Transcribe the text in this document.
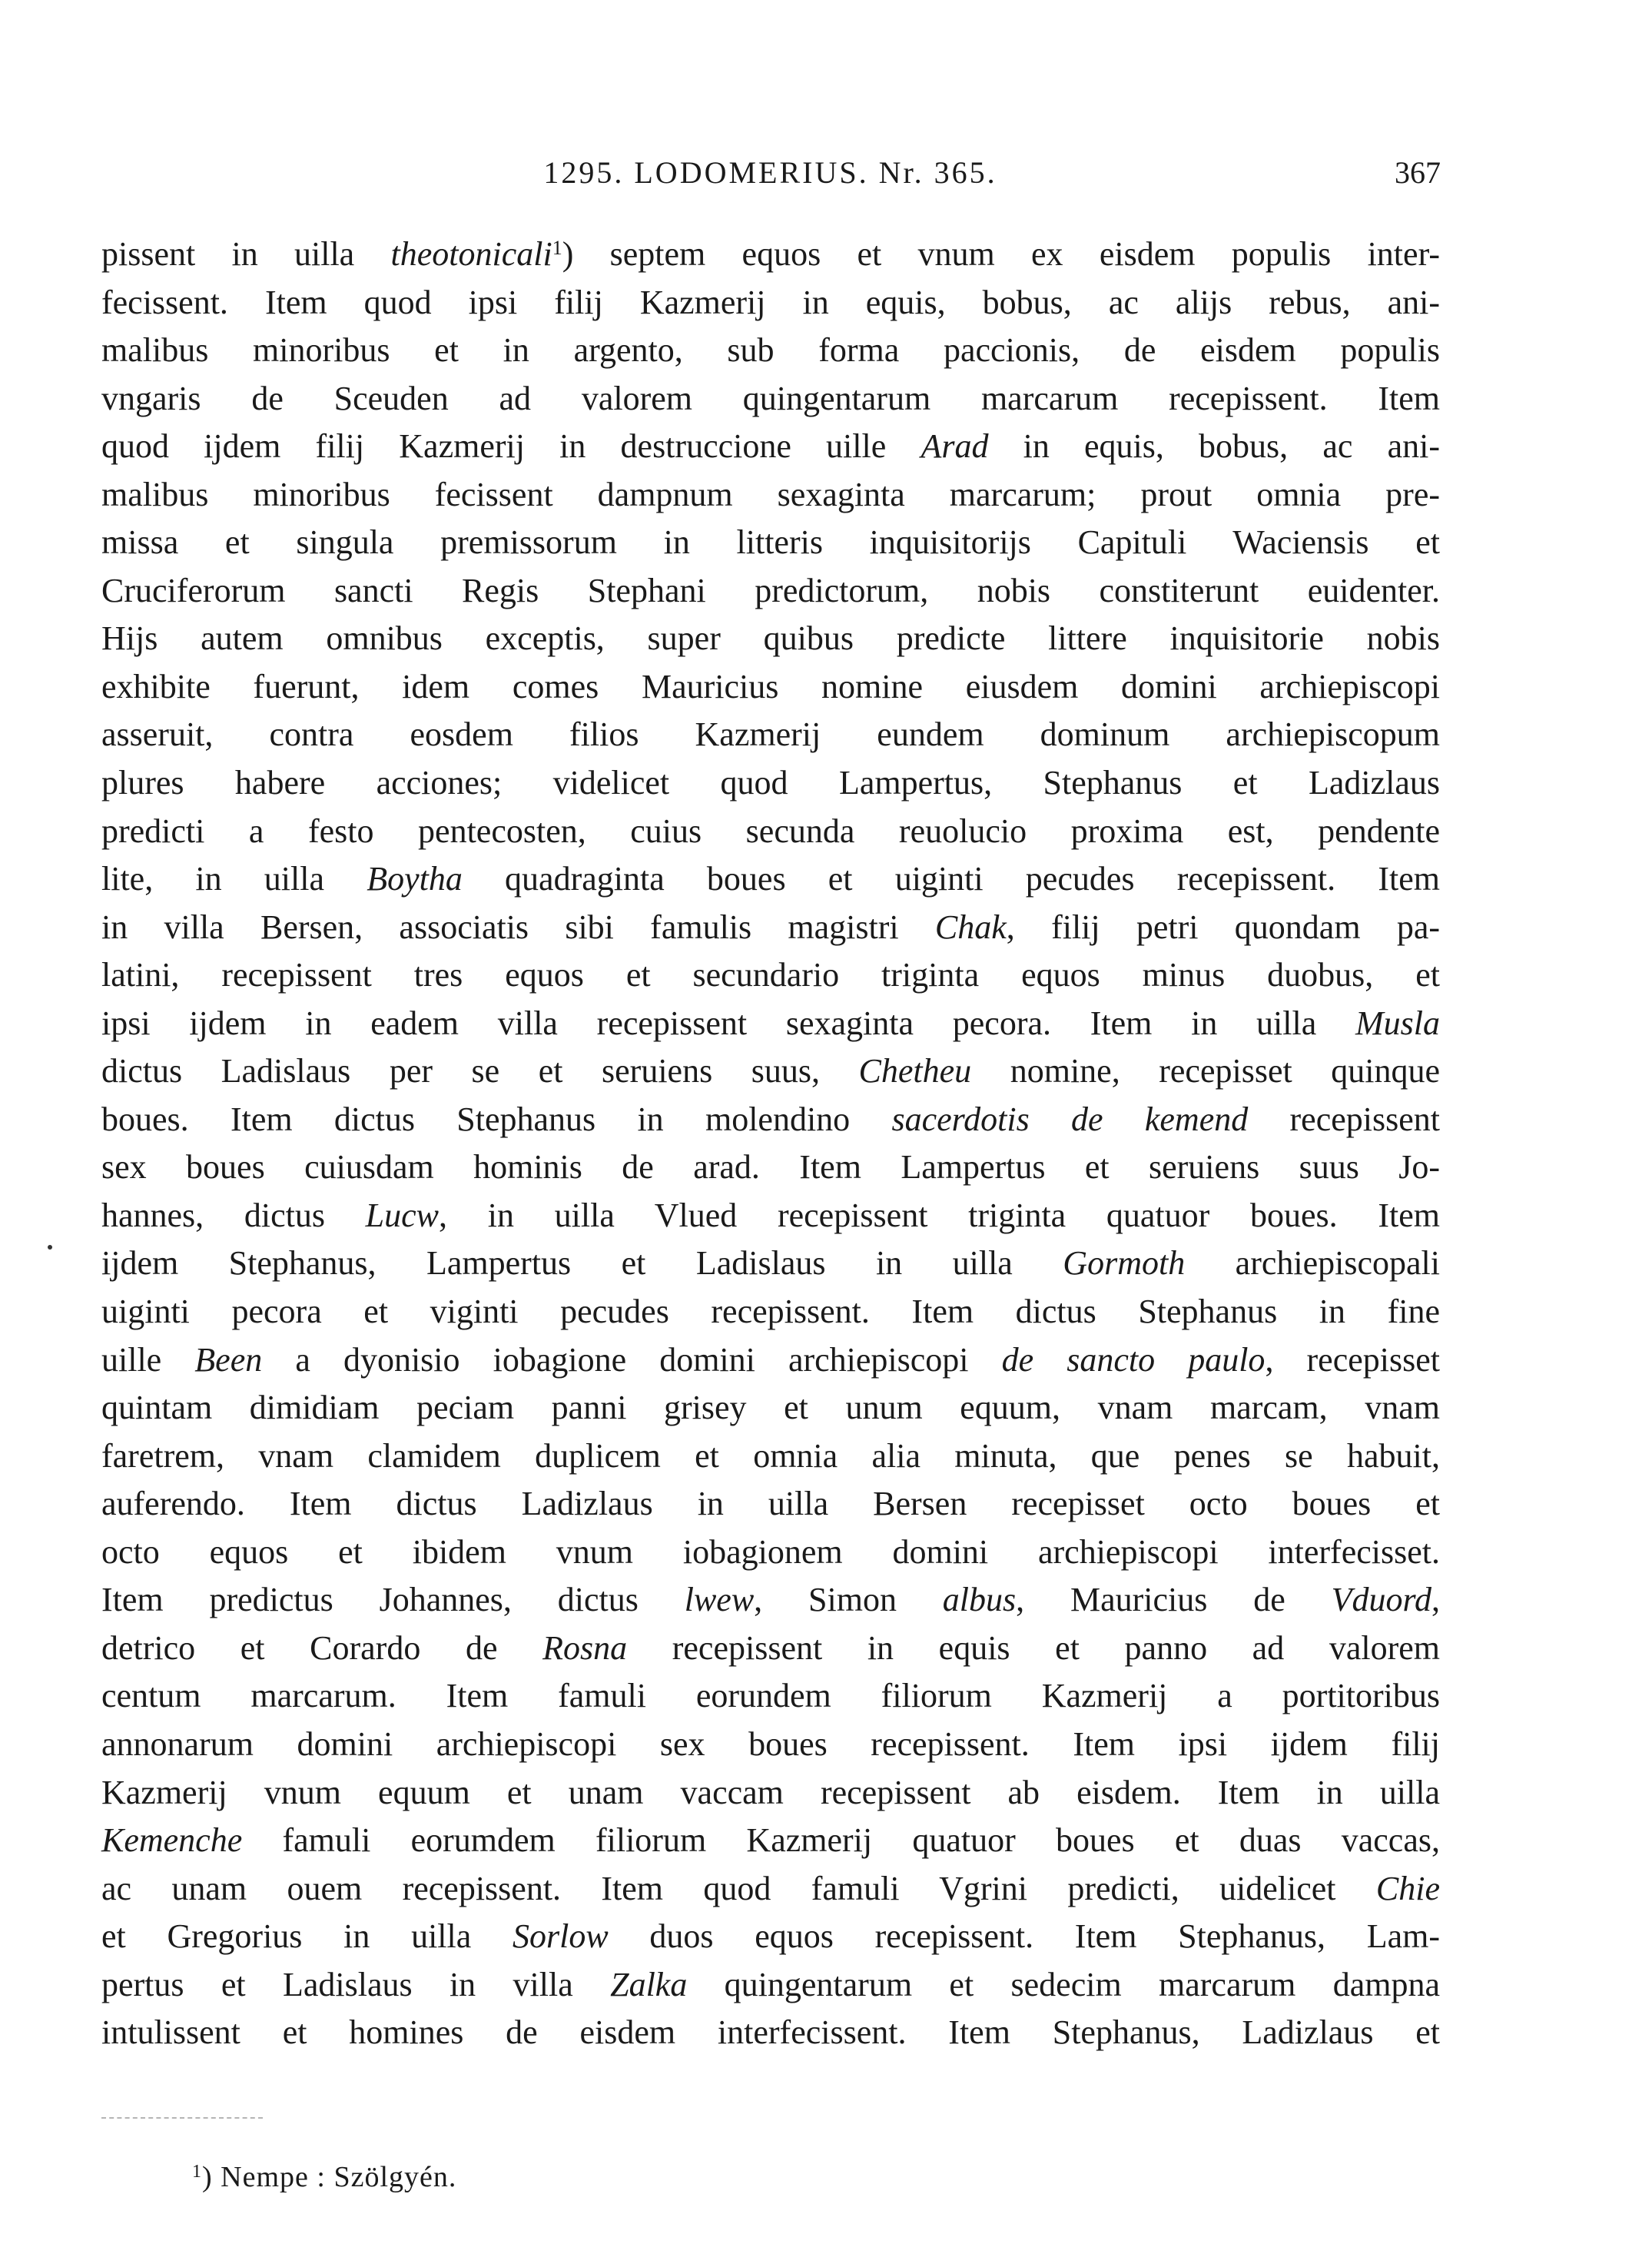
1295. LODOMERIUS. Nr. 365.	367
pissent in uilla theotonicali$^1$) septem equos et vnum ex eisdem populis inter-
fecissent. Item quod ipsi filij Kazmerij in equis, bobus, ac alijs rebus, ani-
malibus minoribus et in argento, sub forma paccionis, de eisdem populis
vngaris de Sceuden ad valorem quingentarum marcarum recepissent. Item
quod ijdem filij Kazmerij in destruccione uille Arad in equis, bobus, ac ani-
malibus minoribus fecissent dampnum sexaginta marcarum; prout omnia pre-
missa et singula premissorum in litteris inquisitorijs Capituli Waciensis et
Cruciferorum sancti Regis Stephani predictorum, nobis constiterunt euidenter.
Hijs autem omnibus exceptis, super quibus predicte littere inquisitorie nobis
exhibite fuerunt, idem comes Mauricius nomine eiusdem domini archiepiscopi
asseruit, contra eosdem filios Kazmerij eundem dominum archiepiscopum
plures habere acciones; videlicet quod Lampertus, Stephanus et Ladizlaus
predicti a festo pentecosten, cuius secunda reuolucio proxima est, pendente
lite, in uilla Boytha quadraginta boues et uiginti pecudes recepissent. Item
in villa Bersen, associatis sibi famulis magistri Chak, filij petri quondam pa-
latini, recepissent tres equos et secundario triginta equos minus duobus, et
ipsi ijdem in eadem villa recepissent sexaginta pecora. Item in uilla Musla
dictus Ladislaus per se et seruiens suus, Chetheu nomine, recepisset quinque
boues. Item dictus Stephanus in molendino sacerdotis de kemend recepissent
sex boues cuiusdam hominis de arad. Item Lampertus et seruiens suus Jo-
hannes, dictus Lucw, in uilla Vlued recepissent triginta quatuor boues. Item
ijdem Stephanus, Lampertus et Ladislaus in uilla Gormoth archiepiscopali
uiginti pecora et viginti pecudes recepissent. Item dictus Stephanus in fine
uille Been a dyonisio iobagione domini archiepiscopi de sancto paulo, recepisset
quintam dimidiam peciam panni grisey et unum equum, vnam marcam, vnam
faretrem, vnam clamidem duplicem et omnia alia minuta, que penes se habuit,
auferendo. Item dictus Ladizlaus in uilla Bersen recepisset octo boues et
octo equos et ibidem vnum iobagionem domini archiepiscopi interfecisset.
Item predictus Johannes, dictus lwew, Simon albus, Mauricius de Vduord,
detrico et Corardo de Rosna recepissent in equis et panno ad valorem
centum marcarum. Item famuli eorundem filiorum Kazmerij a portitoribus
annonarum domini archiepiscopi sex boues recepissent. Item ipsi ijdem filij
Kazmerij vnum equum et unam vaccam recepissent ab eisdem. Item in uilla
Kemenche famuli eorumdem filiorum Kazmerij quatuor boues et duas vaccas,
ac unam ouem recepissent. Item quod famuli Vgrini predicti, uidelicet Chie
et Gregorius in uilla Sorlow duos equos recepissent. Item Stephanus, Lam-
pertus et Ladislaus in villa Zalka quingentarum et sedecim marcarum dampna
intulissent et homines de eisdem interfecissent. Item Stephanus, Ladizlaus et
$^1$) Nempe : Szölgyén.
